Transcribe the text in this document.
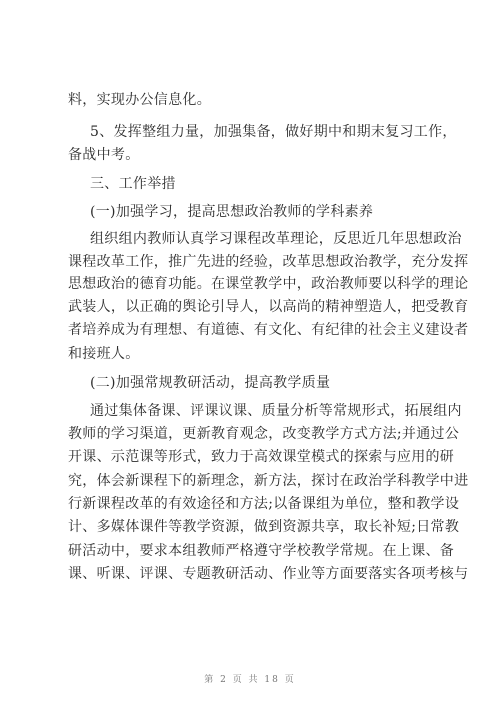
料，实现办公信息化。
5、发挥整组力量，加强集备，做好期中和期末复习工作，
备战中考。
三、工作举措
(一)加强学习，提高思想政治教师的学科素养
组织组内教师认真学习课程改革理论，反思近几年思想政治
课程改革工作，推广先进的经验，改革思想政治教学，充分发挥
思想政治的德育功能。在课堂教学中，政治教师要以科学的理论
武装人，以正确的舆论引导人，以高尚的精神塑造人，把受教育
者培养成为有理想、有道德、有文化、有纪律的社会主义建设者
和接班人。
(二)加强常规教研活动，提高教学质量
通过集体备课、评课议课、质量分析等常规形式，拓展组内
教师的学习渠道，更新教育观念，改变教学方式方法;并通过公
开课、示范课等形式，致力于高效课堂模式的探索与应用的研
究，体会新课程下的新理念，新方法，探讨在政治学科教学中进
行新课程改革的有效途径和方法;以备课组为单位，整和教学设
计、多媒体课件等教学资源，做到资源共享，取长补短;日常教
研活动中，要求本组教师严格遵守学校教学常规。在上课、备
课、听课、评课、专题教研活动、作业等方面要落实各项考核与
第 2 页 共 18 页
